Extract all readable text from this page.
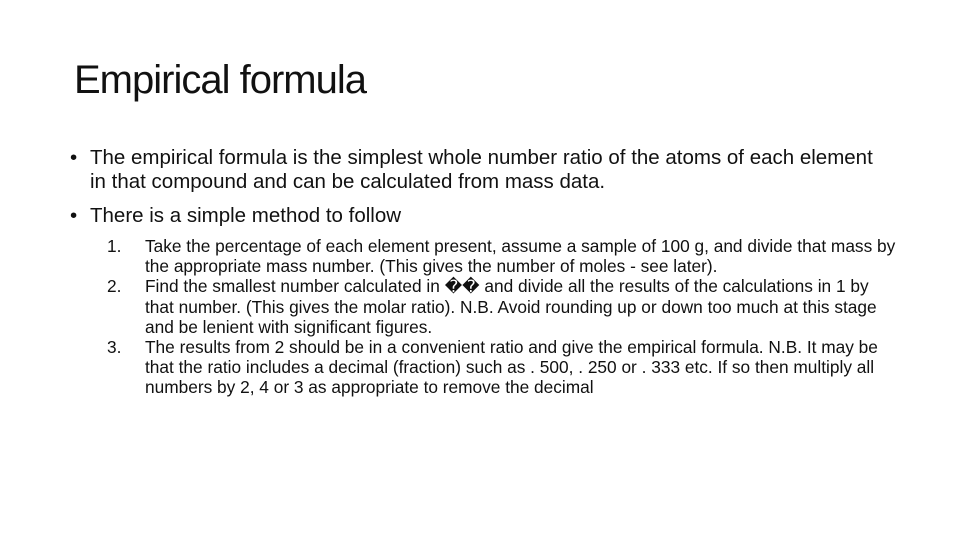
Empirical formula
• The empirical formula is the simplest whole number ratio of the atoms of each element in that compound and can be calculated from mass data.
• There is a simple method to follow
1. Take the percentage of each element present, assume a sample of 100 g, and divide that mass by the appropriate mass number. (This gives the number of moles - see later).
2. Find the smallest number calculated in �� and divide all the results of the calculations in 1 by that number. (This gives the molar ratio). N.B. Avoid rounding up or down too much at this stage and be lenient with significant figures.
3. The results from 2 should be in a convenient ratio and give the empirical formula. N.B. It may be that the ratio includes a decimal (fraction) such as . 500, . 250 or . 333 etc. If so then multiply all numbers by 2, 4 or 3 as appropriate to remove the decimal
